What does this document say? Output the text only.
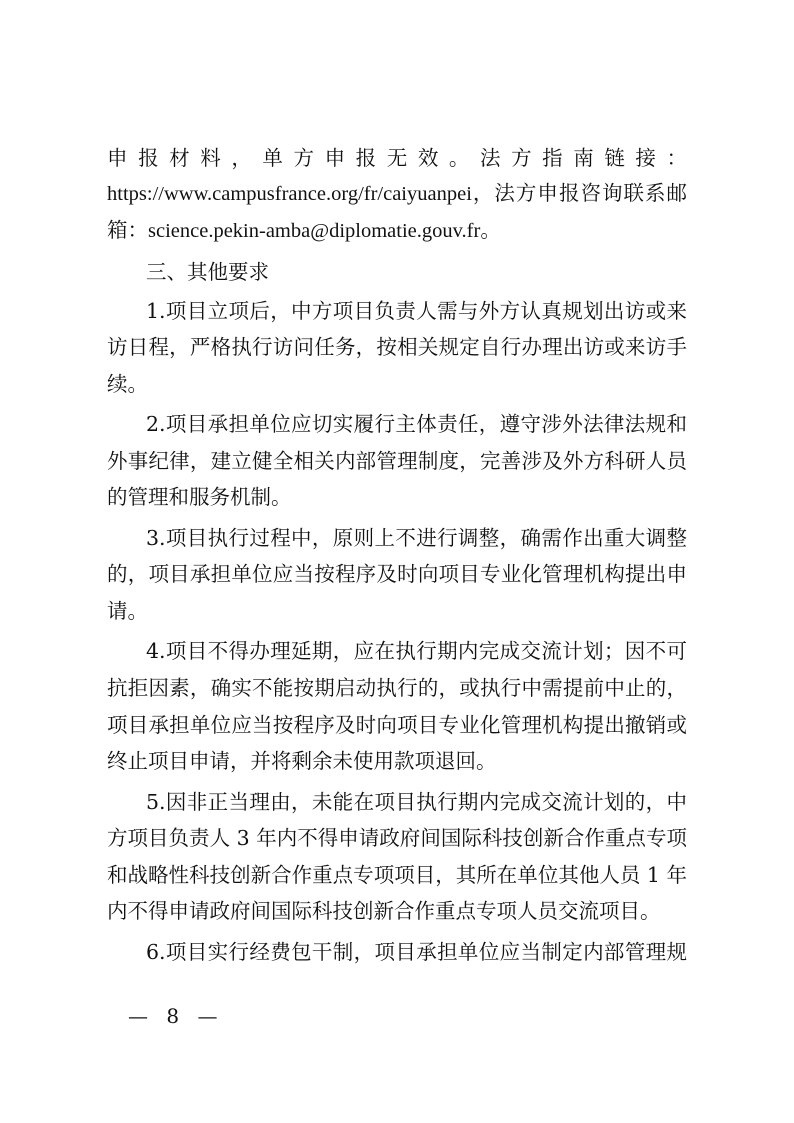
申 报 材 料 ， 单 方 申 报 无 效 。 法 方 指 南 链 接 ：
https://www.campusfrance.org/fr/caiyuanpei，法方申报咨询联系邮
箱：science.pekin-amba@diplomatie.gouv.fr。
三、其他要求
1.项目立项后，中方项目负责人需与外方认真规划出访或来
访日程，严格执行访问任务，按相关规定自行办理出访或来访手
续。
2.项目承担单位应切实履行主体责任，遵守涉外法律法规和
外事纪律，建立健全相关内部管理制度，完善涉及外方科研人员
的管理和服务机制。
3.项目执行过程中，原则上不进行调整，确需作出重大调整
的，项目承担单位应当按程序及时向项目专业化管理机构提出申
请。
4.项目不得办理延期，应在执行期内完成交流计划；因不可
抗拒因素，确实不能按期启动执行的，或执行中需提前中止的，
项目承担单位应当按程序及时向项目专业化管理机构提出撤销或
终止项目申请，并将剩余未使用款项退回。
5.因非正当理由，未能在项目执行期内完成交流计划的，中
方项目负责人 3 年内不得申请政府间国际科技创新合作重点专项
和战略性科技创新合作重点专项项目，其所在单位其他人员 1 年
内不得申请政府间国际科技创新合作重点专项人员交流项目。
6.项目实行经费包干制，项目承担单位应当制定内部管理规
— 8 —
